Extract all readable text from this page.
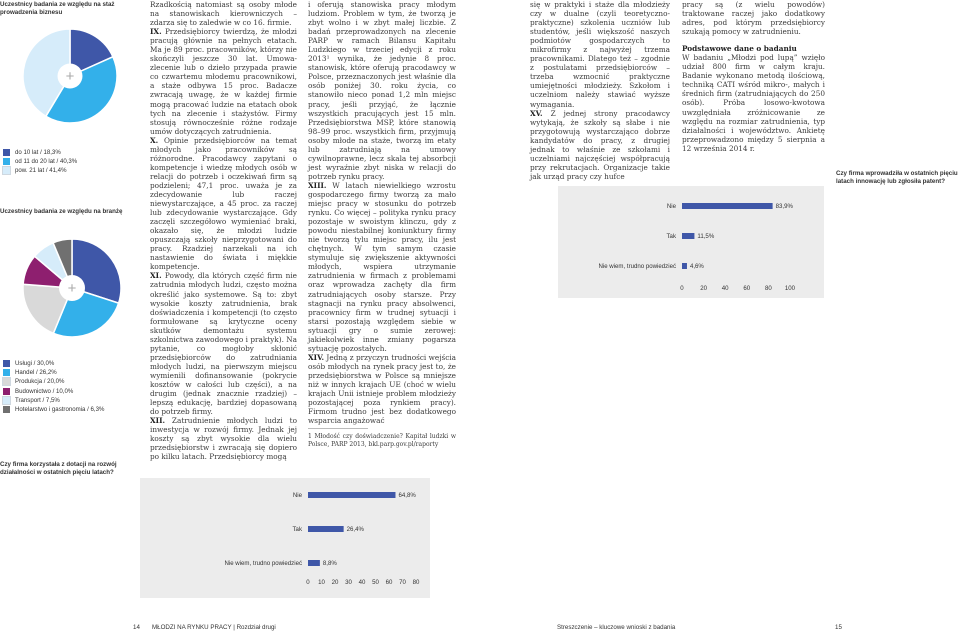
Uczestnicy badania ze względu na staż prowadzenia biznesu
+
do 10 lat / 18,3%
od 11 do 20 lat / 40,3%
pow. 21 lat / 41,4%
Uczestnicy badania ze względu na branżę
+
Usługi / 30,0%
Handel / 26,2%
Produkcja / 20,0%
Budownictwo / 10,0%
Transport / 7,5%
Hotelarstwo i gastronomia / 6,3%
Czy firma korzystała z dotacji na rozwój działalności w ostatnich pięciu latach?
0 10 20 30 40 50 60 70 80
Nie	64,8%
Tak	26,4%
Nie wiem, trudno powiedzieć	8,8%

Rzadkością natomiast są osoby młode na stanowiskach kierowniczych – zdarza się to zaledwie w co 16. firmie.

IX. Przedsiębiorcy twierdzą, że młodzi pracują głównie na pełnych etatach. Ma je 89 proc. pracowników, którzy nie skończyli jeszcze 30 lat. Umowa-zlecenie lub o dzieło przypada prawie co czwartemu młodemu pracownikowi, a staże odbywa 15 proc. Badacze zwracają uwagę, że w każdej firmie mogą pracować ludzie na etatach obok tych na zlecenie i stażystów. Firmy stosują równocześnie różne rodzaje umów dotyczących zatrudnienia.

X. Opinie przedsiębiorców na temat młodych jako pracowników są różnorodne. Pracodawcy zapytani o kompetencje i wiedzę młodych osób w relacji do potrzeb i oczekiwań firm są podzieleni; 47,1 proc. uważa je za zdecydowanie lub raczej niewystarczające, a 45 proc. za raczej lub zdecydowanie wystarczające. Gdy zaczęli szczegółowo wymieniać braki, okazało się, że młodzi ludzie opuszczają szkoły nieprzygotowani do pracy. Rzadziej narzekali na ich nastawienie do świata i miękkie kompetencje.

XI. Powody, dla których część firm nie zatrudnia młodych ludzi, często można określić jako systemowe. Są to: zbyt wysokie koszty zatrudnienia, brak doświadczenia i kompetencji (to często formułowane są krytyczne oceny skutków demontażu systemu szkolnictwa zawodowego i praktyk). Na pytanie, co mogłoby skłonić przedsiębiorców do zatrudniania młodych ludzi, na pierwszym miejscu wymienili dofinansowanie (pokrycie kosztów w całości lub części), a na drugim (jednak znacznie rzadziej) – lepszą edukację, bardziej dopasowaną do potrzeb firmy.

XII. Zatrudnienie młodych ludzi to inwestycja w rozwój firmy. Jednak jej koszty są zbyt wysokie dla wielu przedsiębiorstw i zwracają się dopiero po kilku latach. Przedsiębiorcy mogą

i oferują stanowiska pracy młodym ludziom. Problem w tym, że tworzą je zbyt wolno i w zbyt małej liczbie. Z badań przeprowadzonych na zlecenie PARP w ramach Bilansu Kapitału Ludzkiego w trzeciej edycji z roku 2013¹ wynika, że jedynie 8 proc. stanowisk, które oferują pracodawcy w Polsce, przeznaczonych jest właśnie dla osób poniżej 30. roku życia, co stanowiło nieco ponad 1,2 mln miejsc pracy, jeśli przyjąć, że łącznie wszystkich pracujących jest 15 mln. Przedsiębiorstwa MSP, które stanowią 98–99 proc. wszystkich firm, przyjmują osoby młode na staże, tworzą im etaty lub zatrudniają na umowy cywilnoprawne, lecz skala tej absorbcji jest wyraźnie zbyt niska w relacji do potrzeb rynku pracy.

XIII. W latach niewielkiego wzrostu gospodarczego firmy tworzą za mało miejsc pracy w stosunku do potrzeb rynku. Co więcej – polityka rynku pracy pozostaje w swoistym klinczu, gdy z powodu niestabilnej koniunktury firmy nie tworzą tylu miejsc pracy, ilu jest chętnych. W tym samym czasie stymuluje się zwiększenie aktywności młodych, wspiera utrzymanie zatrudnienia w firmach z problemami oraz wprowadza zachęty dla firm zatrudniających osoby starsze. Przy stagnacji na rynku pracy absolwenci, pracownicy firm w trudnej sytuacji i starsi pozostają względem siebie w sytuacji gry o sumie zerowej: jakiekolwiek inne zmiany pogarsza sytuację pozostałych.

XIV. Jedną z przyczyn trudności wejścia osób młodych na rynek pracy jest to, że przedsiębiorstwa w Polsce są mniejsze niż w innych krajach UE (choć w wielu krajach Unii istnieje problem młodzieży pozostającej poza rynkiem pracy). Firmom trudno jest bez dodatkowego wsparcia angażować

1 Młodość czy doświadczenie? Kapitał ludzki w Polsce, PARP 2013, bkl.parp.gov.pl/raporty

się w praktyki i staże dla młodzieży czy w dualne (czyli teoretyczno-praktyczne) szkolenia uczniów lub studentów, jeśli większość naszych podmiotów gospodarczych to mikrofirmy z najwyżej trzema pracownikami. Dlatego też – zgodnie z postulatami przedsiębiorców – trzeba wzmocnić praktyczne umiejętności młodzieży. Szkołom i uczelniom należy stawiać wyższe wymagania.

XV. Z jednej strony pracodawcy wytykają, że szkoły są słabe i nie przygotowują wystarczająco dobrze kandydatów do pracy, z drugiej jednak to właśnie ze szkołami i uczelniami najczęściej współpracują przy rekrutacjach. Organizacje takie jak urząd pracy czy hufce

pracy są (z wielu powodów) traktowane raczej jako dodatkowy adres, pod którym przedsiębiorcy szukają pomocy w zatrudnieniu.

Podstawowe dane o badaniu

W badaniu „Młodzi pod lupą” wzięło udział 800 firm w całym kraju. Badanie wykonano metodą ilościową, techniką CATI wśród mikro-, małych i średnich firm (zatrudniających do 250 osób). Próba losowo-kwotowa uwzględniała zróżnicowanie ze względu na rozmiar zatrudnienia, typ działalności i województwo. Ankietę przeprowadzono między 5 sierpnia a 12 września 2014 r.

0	20 40 60 80 100
Nie	83,9%
Tak	11,5%
Nie wiem, trudno powiedzieć 4,6%
Czy firma wprowadziła w ostatnich pięciu latach innowację lub zgłosiła patent?
14 MŁODZI NA RYNKU PRACY | Rozdział drugi	Streszczenie – kluczowe wnioski z badania	15
